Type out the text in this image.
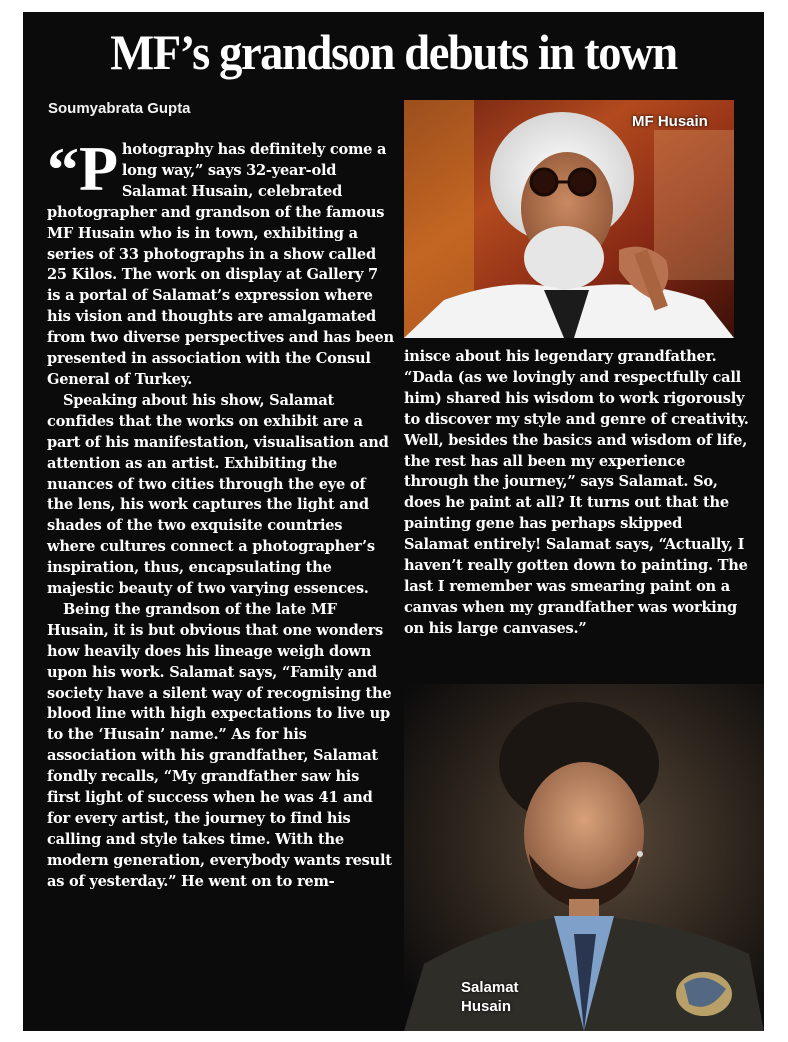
MF’s grandson debuts in town
Soumyabrata Gupta

“ P hotography has definitely come a long way,” says 32-year-old Salamat Husain, celebrated photographer and grandson of the famous MF Husain who is in town, exhibiting a series of 33 photographs in a show called 25 Kilos. The work on display at Gallery 7 is a portal of Salamat’s expression where his vision and thoughts are amalgamated from two diverse perspectives and has been presented in association with the Consul General of Turkey.

Speaking about his show, Salamat confides that the works on exhibit are a part of his manifestation, visualisation and attention as an artist. Exhibiting the nuances of two cities through the eye of the lens, his work captures the light and shades of the two exquisite countries where cultures connect a photographer’s inspiration, thus, encapsulating the majestic beauty of two varying essences.

Being the grandson of the late MF Husain, it is but obvious that one wonders how heavily does his lineage weigh down upon his work. Salamat says, “Family and society have a silent way of recognising the blood line with high expectations to live up to the ‘Husain’ name.” As for his association with his grandfather, Salamat fondly recalls, “My grandfather saw his first light of success when he was 41 and for every artist, the journey to find his calling and style takes time. With the modern generation, everybody wants result as of yesterday.” He went on to rem-

inisce about his legendary grandfather. “Dada (as we lovingly and respectfully call him) shared his wisdom to work rigorously to discover my style and genre of creativity. Well, besides the basics and wisdom of life, the rest has all been my experience through the journey,” says Salamat. So, does he paint at all? It turns out that the painting gene has perhaps skipped Salamat entirely! Salamat says, “Actually, I haven’t really gotten down to painting. The last I remember was smearing paint on a canvas when my grandfather was working on his large canvases.”

MF Husain
Salamat Husain
